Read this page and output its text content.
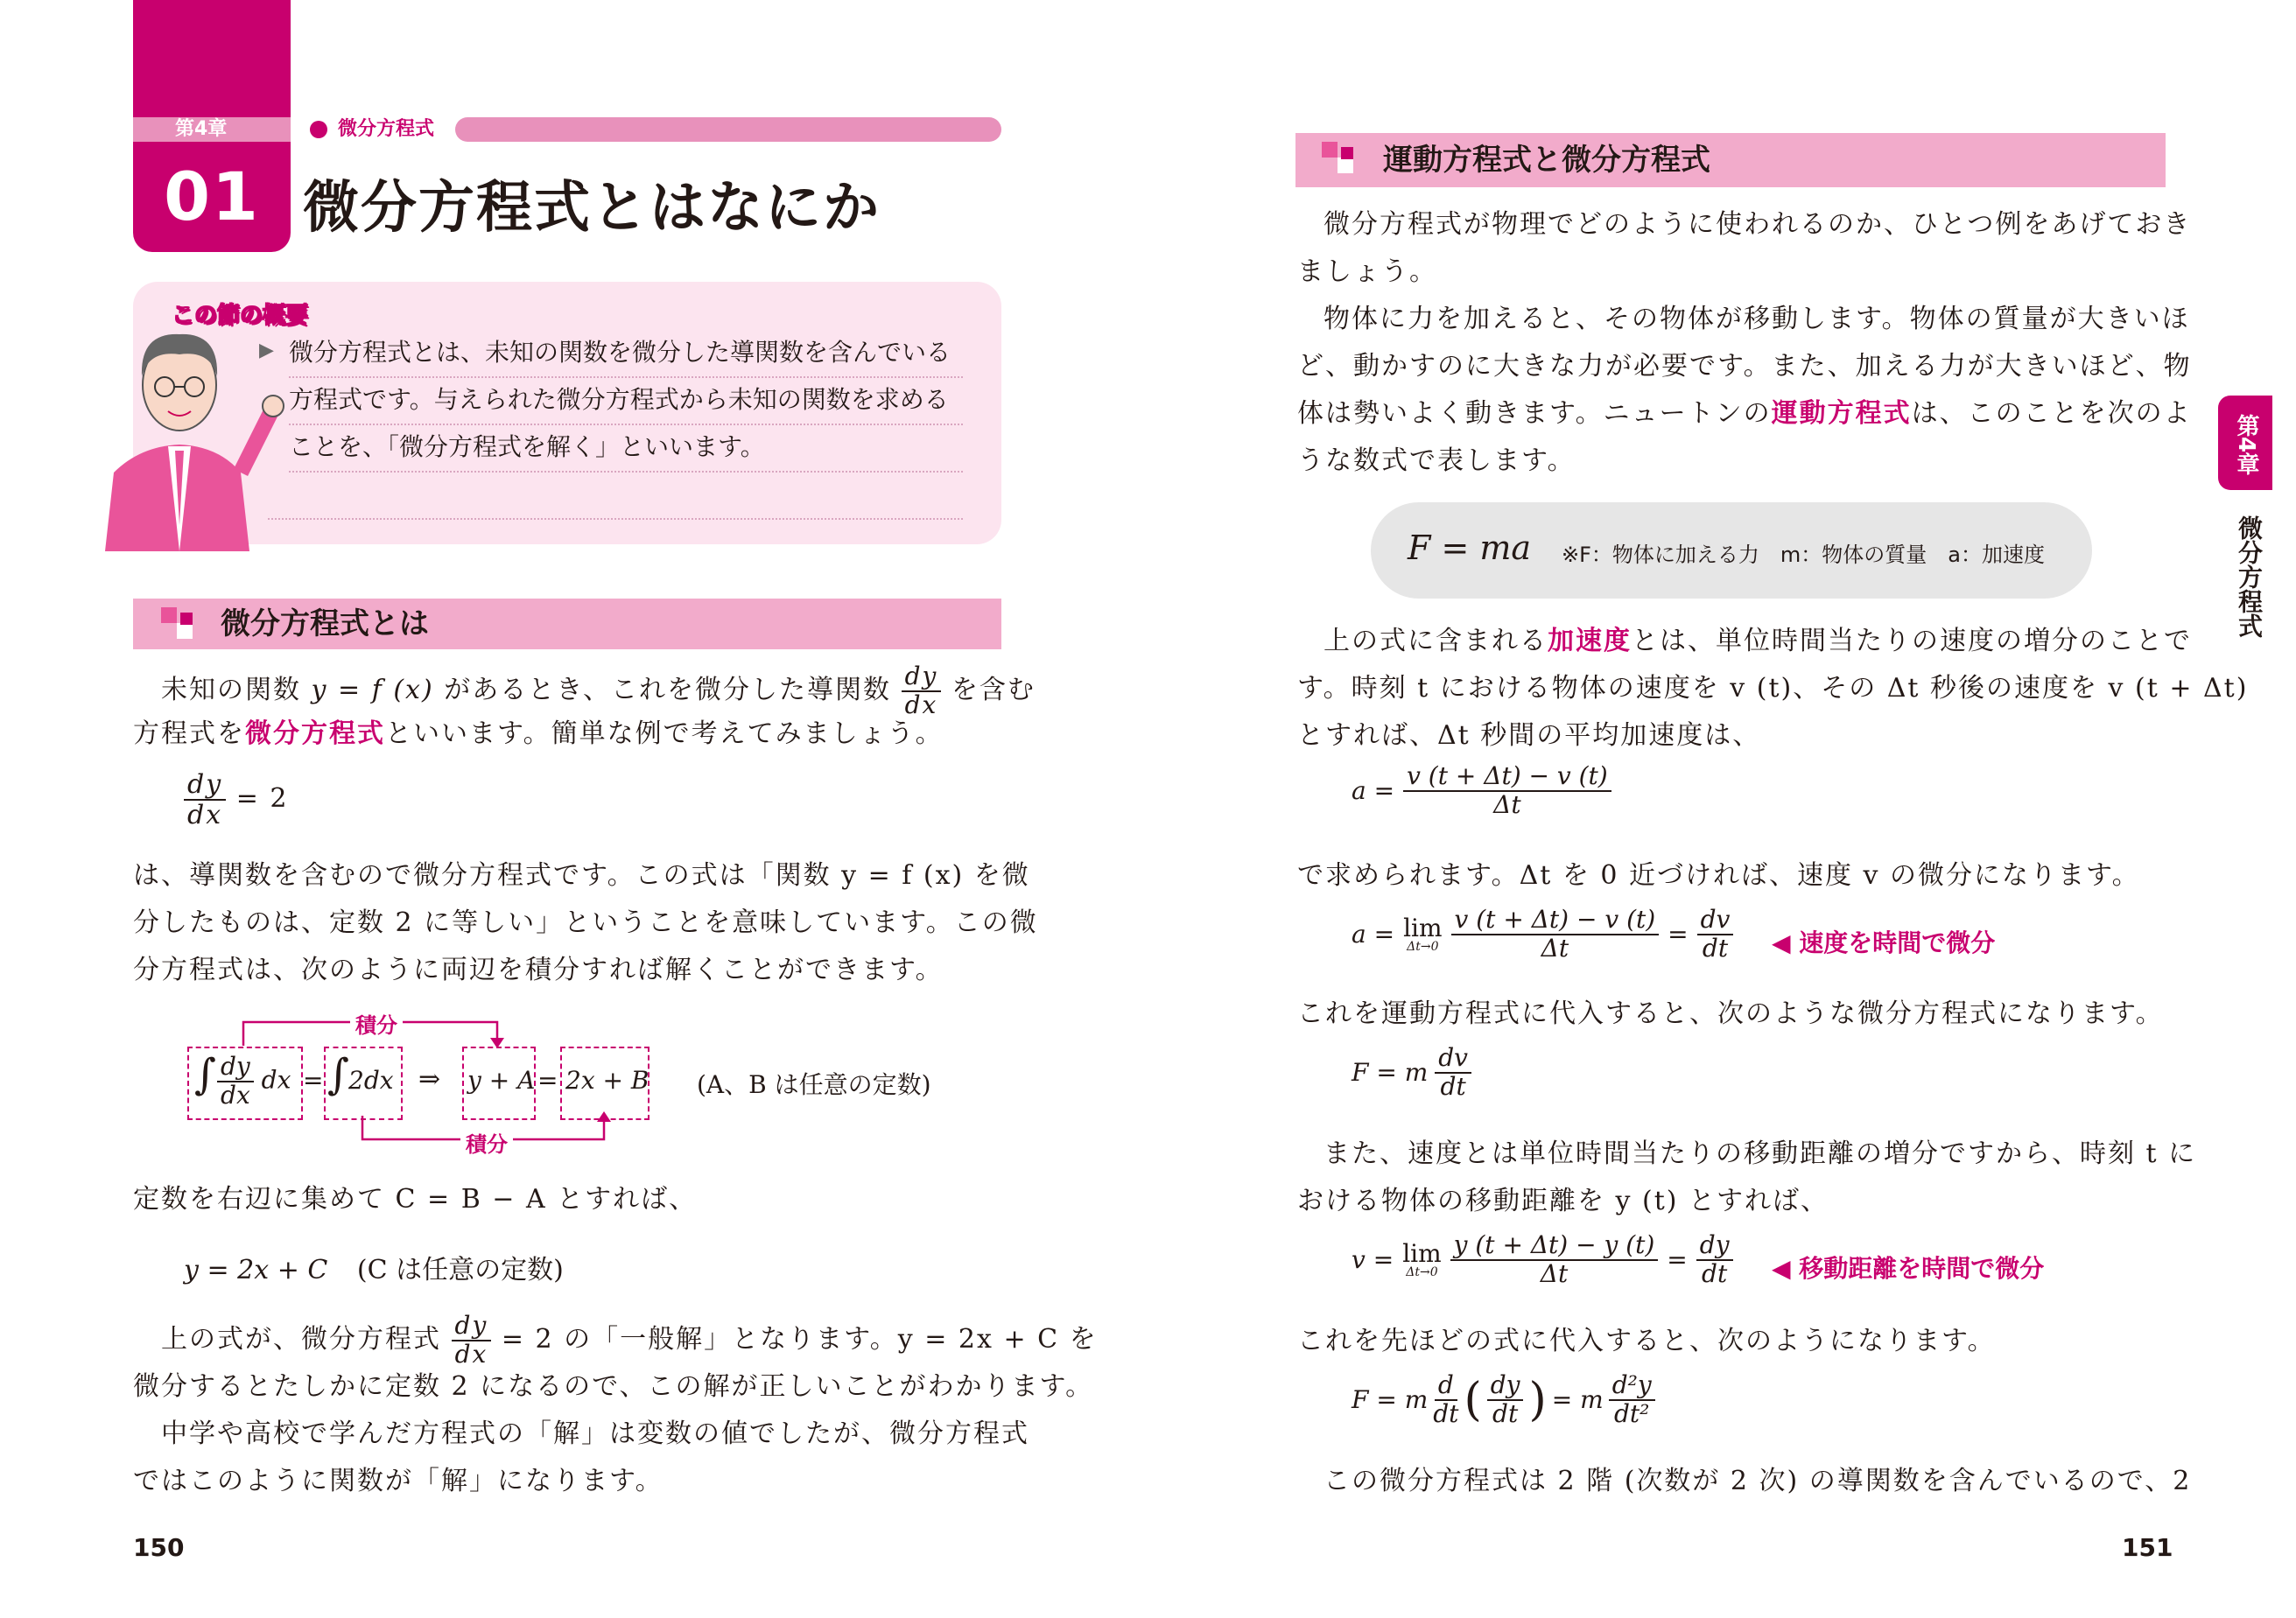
第4章	微分方程式
01 微分方程式とはなにか
この節の概要
▶ 微分方程式とは、未知の関数を微分した導関数を含んでいる
方程式です。与えられた微分方程式から未知の関数を求める
ことを、「微分方程式を解く」といいます。
微分方程式とは
未知の関数 y = f (x) があるとき、これを微分した導関数 $\frac{dy}{dx}$ を含む
方程式を微分方程式といいます。簡単な例で考えてみましょう。
$\frac{dy}{dx} = 2$
は、導関数を含むので微分方程式です。この式は「関数 y = f (x) を微
分したものは、定数 2 に等しい」ということを意味しています。この微
分方程式は、次のように両辺を積分すれば解くことができます。
積分
積分
∫ $\frac{dy}{dx}$ dx = ∫
2dx ⇒ y + A = 2x + B (A、B は任意の定数)
定数を右辺に集めて C = B − A とすれば、
y = 2x + C (C は任意の定数)
上の式が、微分方程式 $\frac{dy}{dx} = 2$ の「一般解」となります。y = 2x + C を
微分するとたしかに定数 2 になるので、この解が正しいことがわかります。
中学や高校で学んだ方程式の「解」は変数の値でしたが、微分方程式
ではこのように関数が「解」になります。
150
第4章
微分方程式
運動方程式と微分方程式
微分方程式が物理でどのように使われるのか、ひとつ例をあげておき
ましょう。
物体に力を加えると、その物体が移動します。物体の質量が大きいほ
ど、動かすのに大きな力が必要です。また、加える力が大きいほど、物
体は勢いよく動きます。ニュートンの運動方程式は、このことを次のよ
うな数式で表します。
F = ma ※F：物体に加える力　m：物体の質量　a：加速度
上の式に含まれる加速度とは、単位時間当たりの速度の増分のことで
す。時刻 t における物体の速度を v (t)、その Δt 秒後の速度を v (t + Δt)
とすれば、Δt 秒間の平均加速度は、
$a = \frac{v (t + \Delta t) - v (t)}{\Delta t}$
で求められます。Δt を 0 近づければ、速度 v の微分になります。
a = lim
$\Delta t\to 0 \frac{v (t + \Delta t) - v (t)}{\Delta t} = \frac{dv}{dt}$ ◀ 速度を時間で微分
これを運動方程式に代入すると、次のような微分方程式になります。
F = m $\frac{dv}{dt}$
また、速度とは単位時間当たりの移動距離の増分ですから、時刻 t に
おける物体の移動距離を y (t) とすれば、
v = lim
$\Delta t\to 0 \frac{y (t + \Delta t) - y (t)}{\Delta t} = \frac{dy}{dt}$ ◀ 移動距離を時間で微分
これを先ほどの式に代入すると、次のようになります。
F = m $\frac{d}{dt}$ ( $\frac{dy}{dt}$ ) = m $\frac{\text{d²y}}{\text{dt²}}$
この微分方程式は 2 階 (次数が 2 次) の導関数を含んでいるので、2
151
